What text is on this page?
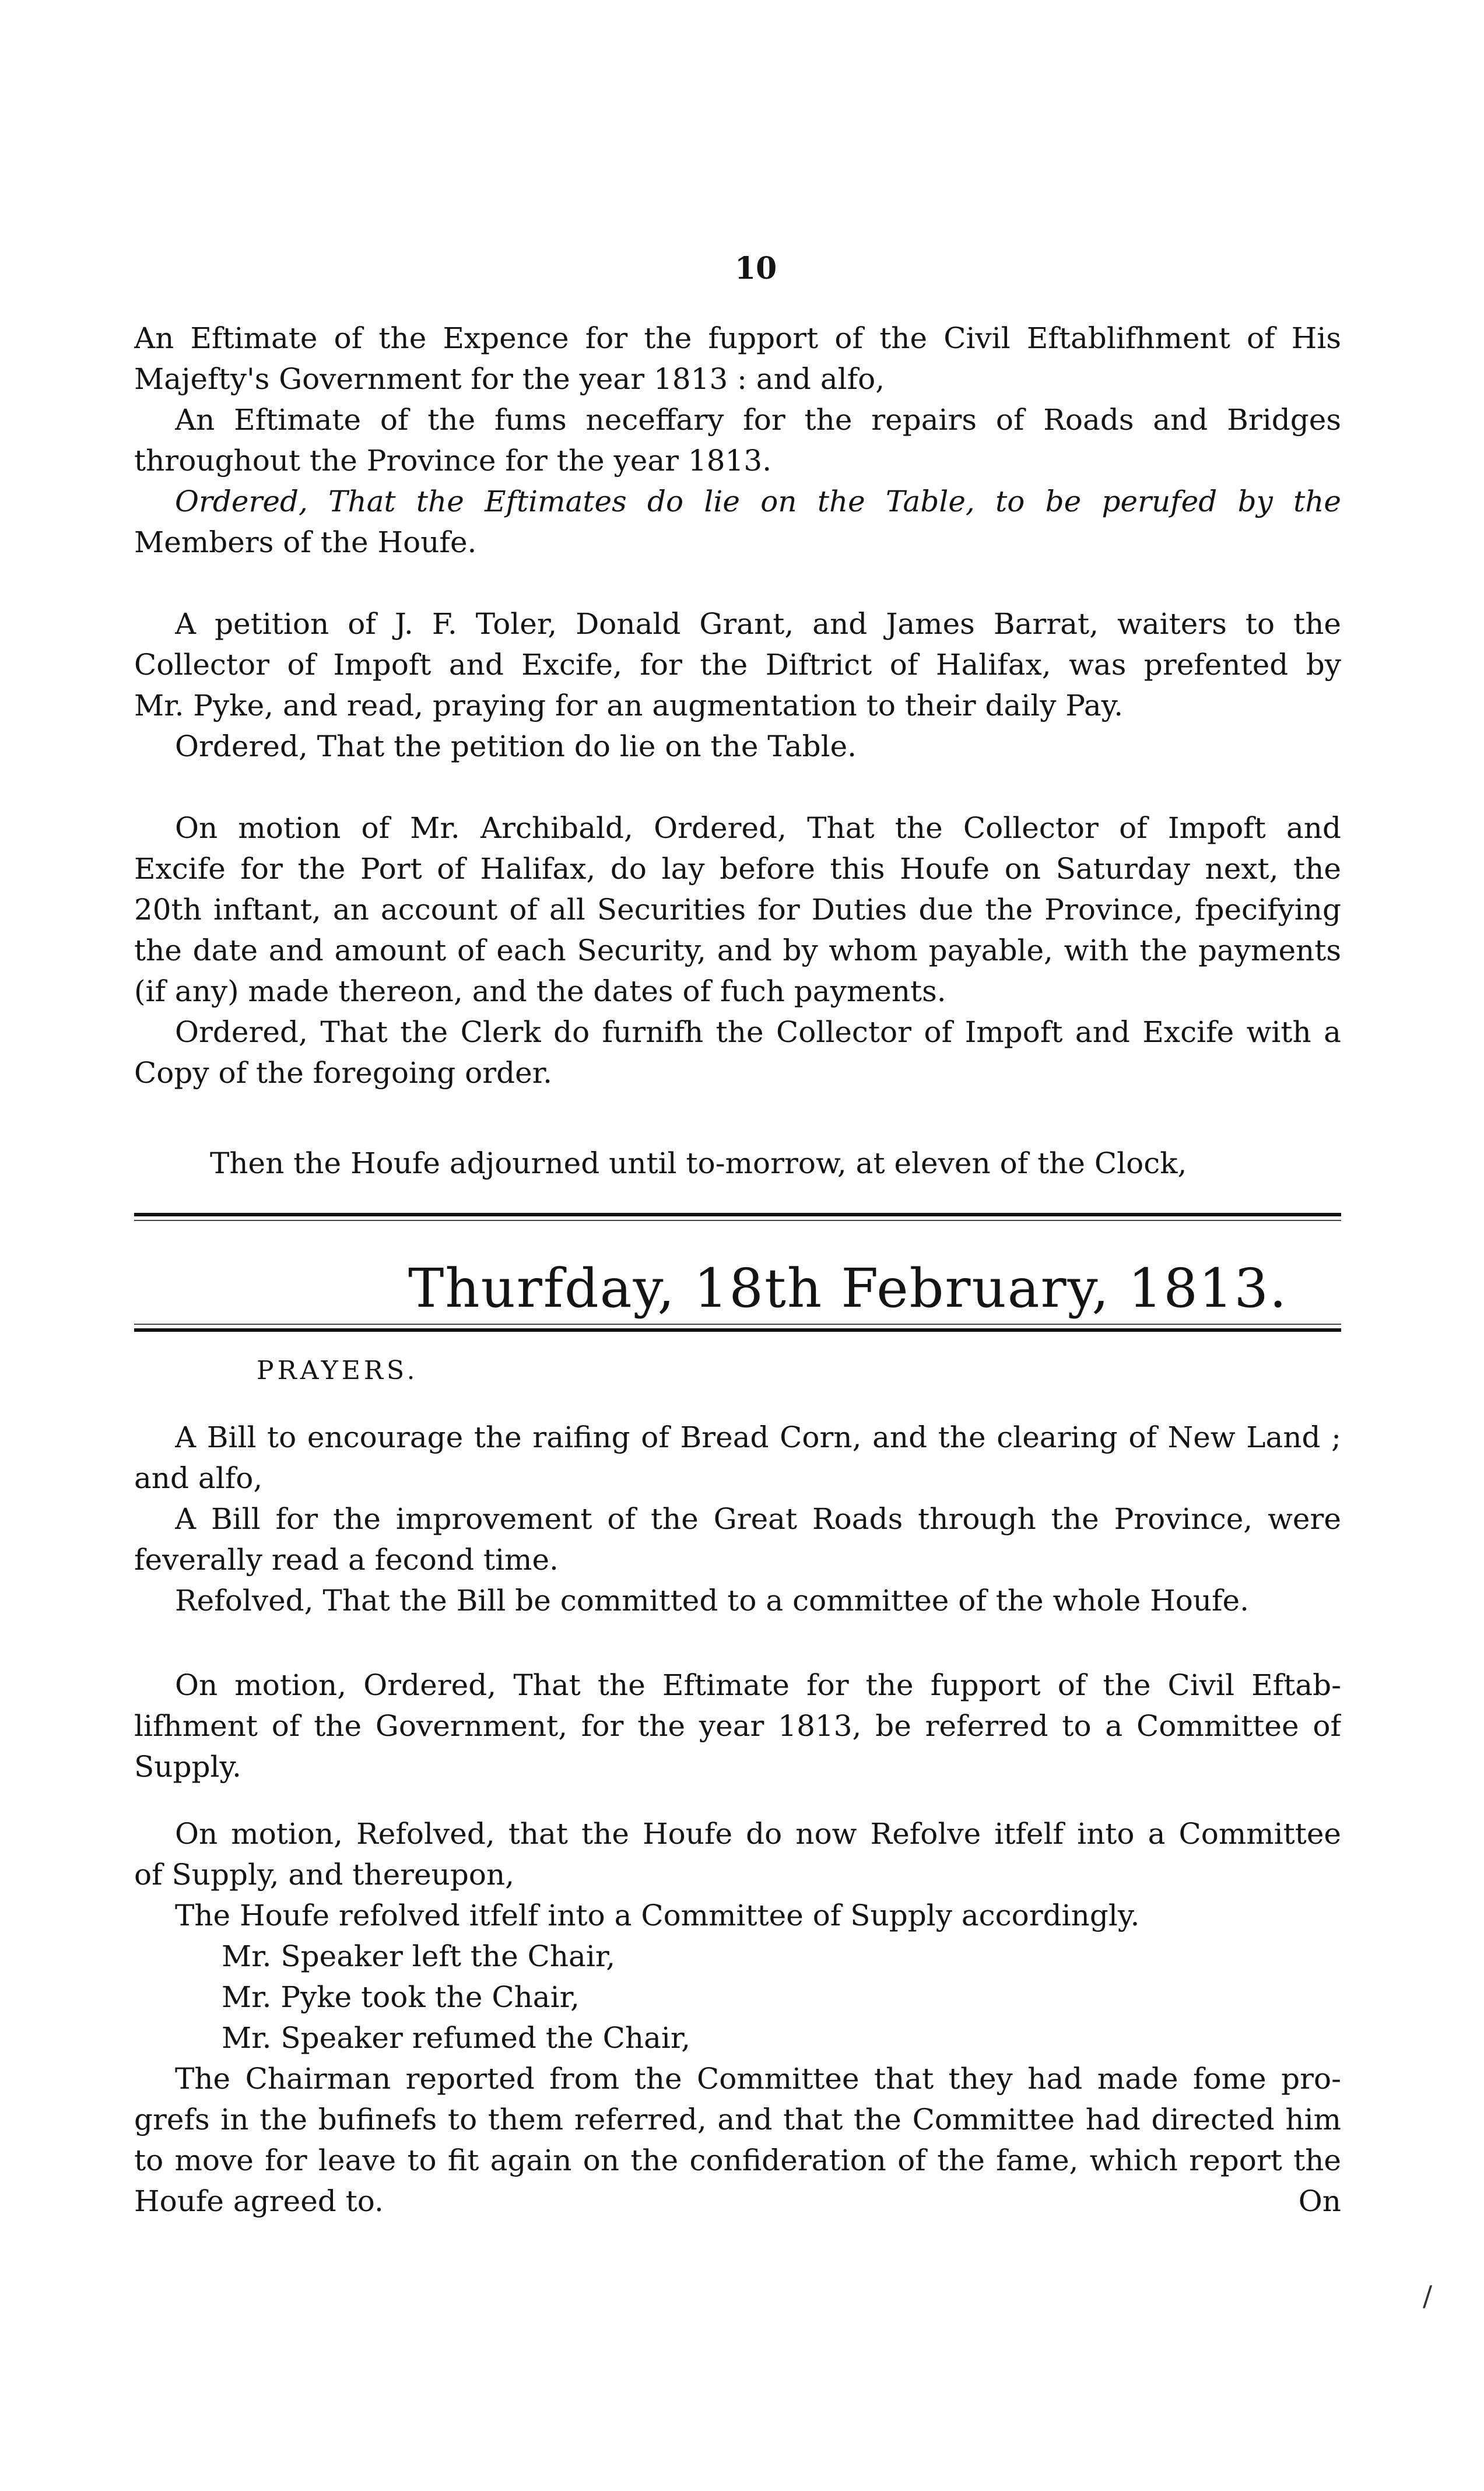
10
An Eftimate of the Expence for the fupport of the Civil Eftablifhment of His
Majefty's Government for the year 1813 : and alfo,
An Eftimate of the fums neceffary for the repairs of Roads and Bridges
throughout the Province for the year 1813.
Ordered, That the Eftimates do lie on the Table, to be perufed by the
Members of the Houfe.
A petition of J. F. Toler, Donald Grant, and James Barrat, waiters to the
Collector of Impoft and Excife, for the Diftrict of Halifax, was prefented by
Mr. Pyke, and read, praying for an augmentation to their daily Pay.
Ordered, That the petition do lie on the Table.
On motion of Mr. Archibald, Ordered, That the Collector of Impoft and
Excife for the Port of Halifax, do lay before this Houfe on Saturday next, the
20th inftant, an account of all Securities for Duties due the Province, fpecifying
the date and amount of each Security, and by whom payable, with the payments
(if any) made thereon, and the dates of fuch payments.
Ordered, That the Clerk do furnifh the Collector of Impoft and Excife with a
Copy of the foregoing order.
Then the Houfe adjourned until to-morrow, at eleven of the Clock,
Thurfday, 18th February, 1813.
PRAYERS.
A Bill to encourage the raifing of Bread Corn, and the clearing of New Land ;
and alfo,
A Bill for the improvement of the Great Roads through the Province, were
feverally read a fecond time.
Refolved, That the Bill be committed to a committee of the whole Houfe.
On motion, Ordered, That the Eftimate for the fupport of the Civil Eftab-
lifhment of the Government, for the year 1813, be referred to a Committee of
Supply.
On motion, Refolved, that the Houfe do now Refolve itfelf into a Committee
of Supply, and thereupon,
The Houfe refolved itfelf into a Committee of Supply accordingly.
Mr. Speaker left the Chair,
Mr. Pyke took the Chair,
Mr. Speaker refumed the Chair,
The Chairman reported from the Committee that they had made fome pro-
grefs in the bufinefs to them referred, and that the Committee had directed him
to move for leave to fit again on the confideration of the fame, which report the
Houfe agreed to.	On
/
